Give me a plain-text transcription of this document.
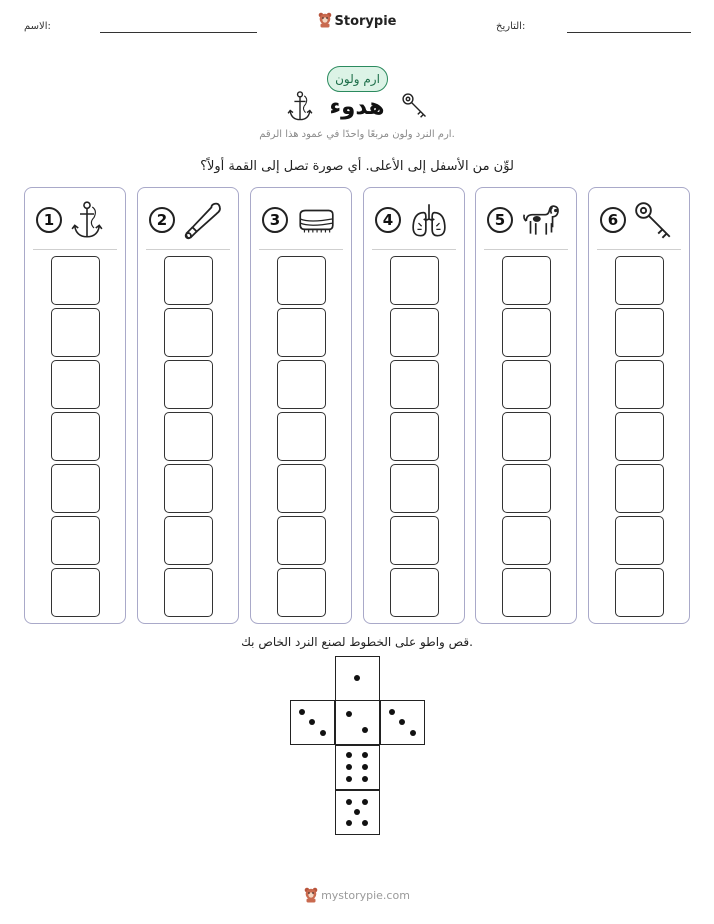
الاسم:	التاريخ:
Storypie
ارم ولون
هدوء
ارم النرد ولون مربعًا واحدًا في عمود هذا الرقم.
لوِّن من الأسفل إلى الأعلى. أي صورة تصل إلى القمة أولاً؟
6
5
4
3
2
1
قص واطو على الخطوط لصنع النرد الخاص بك.
mystorypie.com
